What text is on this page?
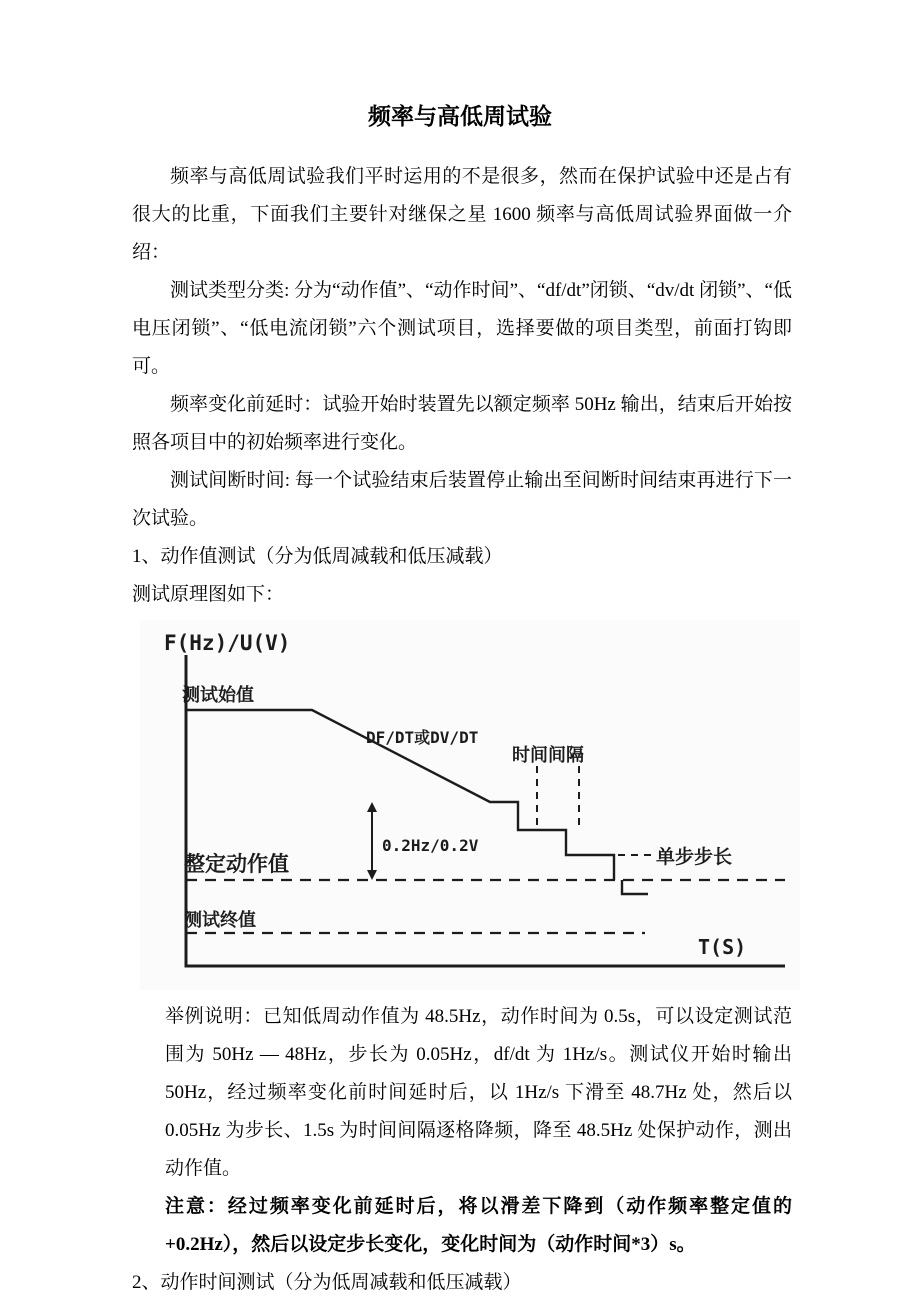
频率与高低周试验

频率与高低周试验我们平时运用的不是很多，然而在保护试验中还是占有很大的比重，下面我们主要针对继保之星 1600 频率与高低周试验界面做一介绍：

测试类型分类: 分为“动作值”、“动作时间”、“df/dt”闭锁、“dv/dt 闭锁”、“低电压闭锁”、“低电流闭锁”六个测试项目，选择要做的项目类型，前面打钩即可。

频率变化前延时：试验开始时装置先以额定频率 50Hz 输出，结束后开始按照各项目中的初始频率进行变化。

测试间断时间: 每一个试验结束后装置停止输出至间断时间结束再进行下一次试验。

1、动作值测试（分为低周减载和低压减载）

测试原理图如下：

F(Hz)/U(V)
测试始值
DF/DT或DV/DT
时间间隔
0.2Hz/0.2V
整定动作值	单步步长
测试终值
T(S)

举例说明：已知低周动作值为 48.5Hz，动作时间为 0.5s，可以设定测试范围为 50Hz — 48Hz，步长为 0.05Hz，df/dt 为 1Hz/s。测试仪开始时输出 50Hz，经过频率变化前时间延时后，以 1Hz/s 下滑至 48.7Hz 处，然后以 0.05Hz 为步长、1.5s 为时间间隔逐格降频，降至 48.5Hz 处保护动作，测出动作值。

注意：经过频率变化前延时后，将以滑差下降到（动作频率整定值的+0.2Hz），然后以设定步长变化，变化时间为（动作时间*3）s。

2、动作时间测试（分为低周减载和低压减载）
